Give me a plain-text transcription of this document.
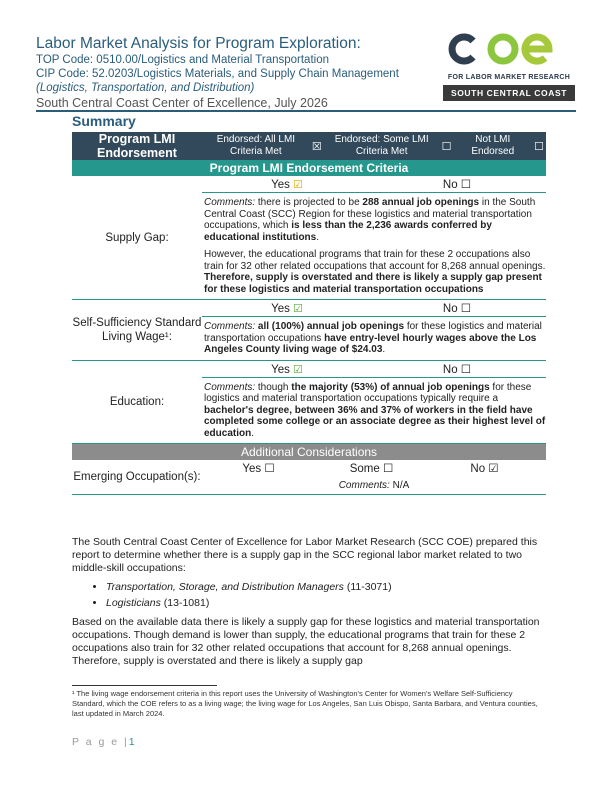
Labor Market Analysis for Program Exploration:
TOP Code: 0510.00/Logistics and Material Transportation
CIP Code: 52.0203/Logistics Materials, and Supply Chain Management
(Logistics, Transportation, and Distribution)
South Central Coast Center of Excellence, July 2026
FOR LABOR MARKET RESEARCH
SOUTH CENTRAL COAST
Summary
Program LMI Endorsement	Endorsed: All LMI Criteria Met	☒	Endorsed: Some LMI Criteria Met	☐	Not LMI Endorsed	☐
Program LMI Endorsement Criteria						
Supply Gap:	Yes ☑ No ☐					

	Comments: there is projected to be 288 annual job openings in the South Central Coast (SCC) Region for these logistics and material transportation occupations, which is less than the 2,236 awards conferred by educational institutions.

However, the educational programs that train for these 2 occupations also train for 32 other related occupations that account for 8,268 annual openings. Therefore, supply is overstated and there is likely a supply gap present for these logistics and material transportation occupations					

Self-Sufficiency Standard Living Wage¹:	Yes ☑ No ☐					

	Comments: all (100%) annual job openings for these logistics and material transportation occupations have entry-level hourly wages above the Los Angeles County living wage of $24.03.					

Education:	Yes ☑ No ☐					

	Comments: though the majority (53%) of annual job openings for these logistics and material transportation occupations typically require a bachelor's degree, between 36% and 37% of workers in the field have completed some college or an associate degree as their highest level of education.					

Additional Considerations						
Emerging Occupation(s):	Yes ☐ Some ☐ No ☑					
	Comments: N/A					
The South Central Coast Center of Excellence for Labor Market Research (SCC COE) prepared this report to determine whether there is a supply gap in the SCC regional labor market related to two middle-skill occupations:
• Transportation, Storage, and Distribution Managers (11-3071)
• Logisticians (13-1081)
Based on the available data there is likely a supply gap for these logistics and material transportation occupations. Though demand is lower than supply, the educational programs that train for these 2 occupations also train for 32 other related occupations that account for 8,268 annual openings. Therefore, supply is overstated and there is likely a supply gap
¹ The living wage endorsement criteria in this report uses the University of Washington's Center for Women's Welfare Self-Sufficiency Standard, which the COE refers to as a living wage; the living wage for Los Angeles, San Luis Obispo, Santa Barbara, and Ventura counties, last updated in March 2024.
P a g e |1
